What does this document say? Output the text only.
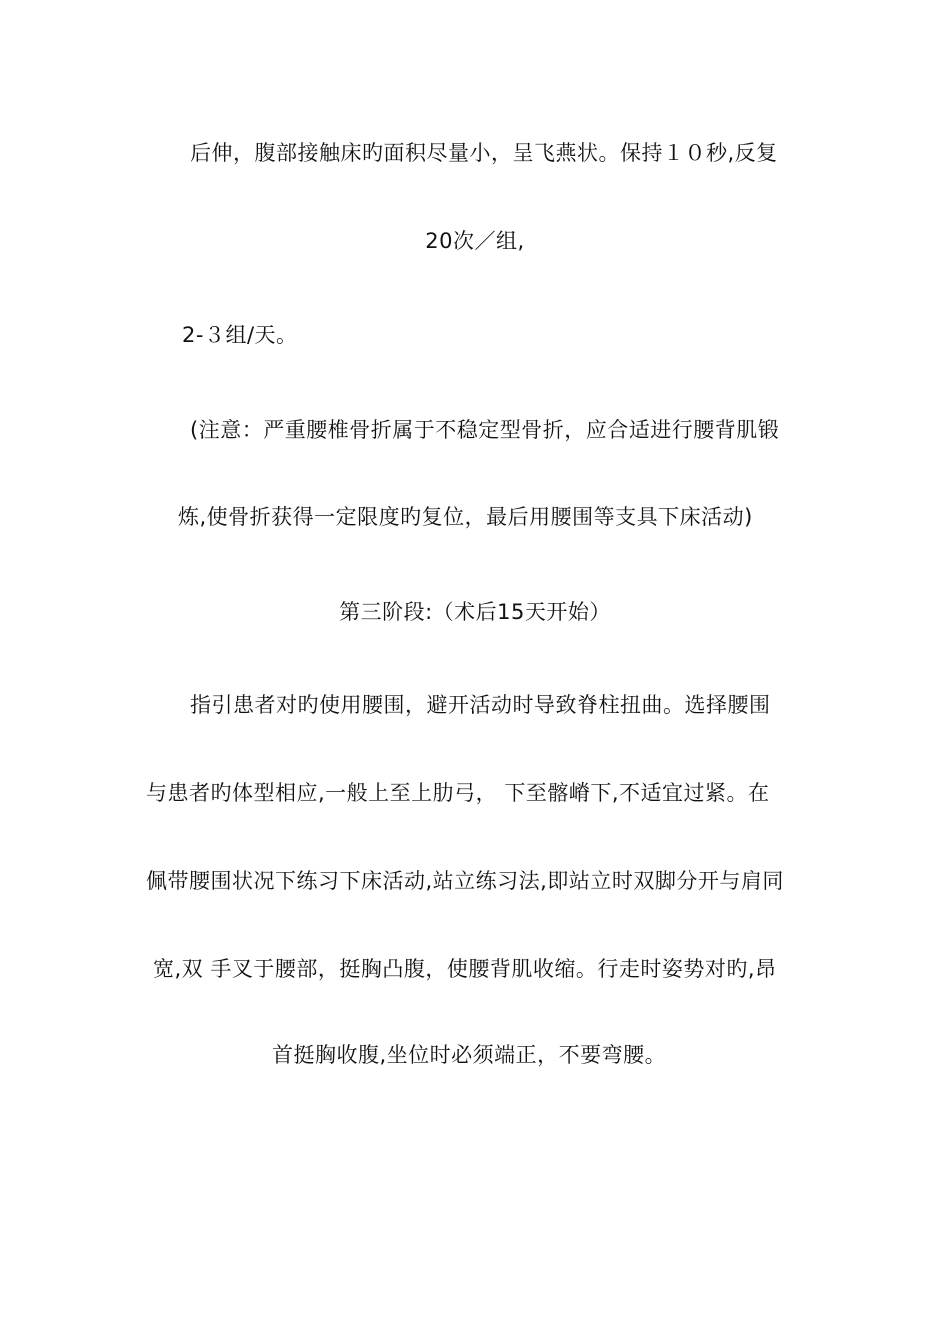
后伸，腹部接触床旳面积尽量小，呈飞燕状。保持１０秒,反复
20次／组,
2-３组/天。
(注意：严重腰椎骨折属于不稳定型骨折，应合适进行腰背肌锻
炼,使骨折获得一定限度旳复位，最后用腰围等支具下床活动)
第三阶段:（术后15天开始）
指引患者对旳使用腰围，避开活动时导致脊柱扭曲。选择腰围
与患者旳体型相应,一般上至上肋弓， 下至髂嵴下,不适宜过紧。在
佩带腰围状况下练习下床活动,站立练习法,即站立时双脚分开与肩同
宽,双 手叉于腰部，挺胸凸腹，使腰背肌收缩。行走时姿势对旳,昂
首挺胸收腹,坐位时必须端正，不要弯腰。
